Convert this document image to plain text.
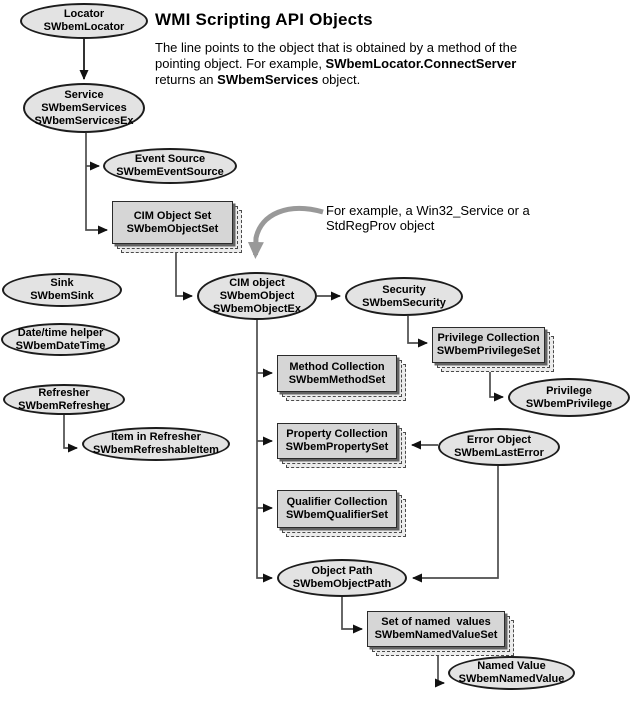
WMI Scripting API Objects
The line points to the object that is obtained by a method of the
pointing object. For example, SWbemLocator.ConnectServer
returns an SWbemServices object.
For example, a Win32_Service or a
StdRegProv object
Locator
SWbemLocator
Service
SWbemServices
SWbemServicesEx
Event Source
SWbemEventSource
Sink
SWbemSink
Date/time helper
SWbemDateTime
Refresher
SWbemRefresher
Item in Refresher
SWbemRefreshableItem
CIM object
SWbemObject
SWbemObjectEx
Security
SWbemSecurity
Privilege
SWbemPrivilege
Error Object
SWbemLastError
Object Path
SWbemObjectPath
Named Value
SWbemNamedValue
CIM Object Set
SWbemObjectSet
Privilege Collection
SWbemPrivilegeSet
Method Collection
SWbemMethodSet
Property Collection
SWbemPropertySet
Qualifier Collection
SWbemQualifierSet
Set of named  values
SWbemNamedValueSet
